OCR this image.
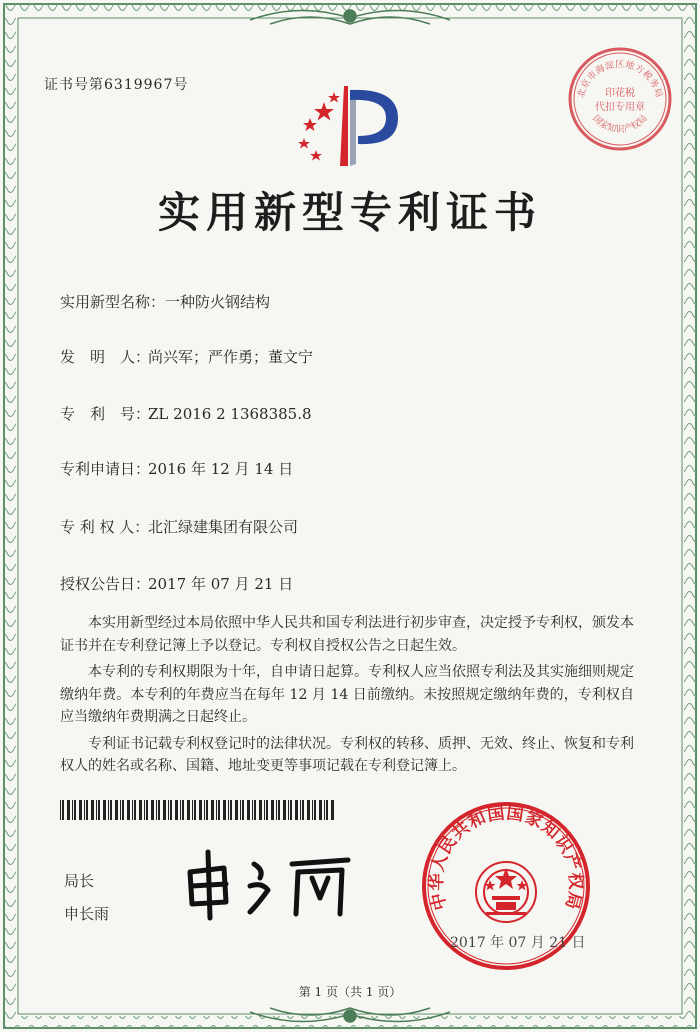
证书号第6319967号
实用新型专利证书
实用新型名称：一种防火钢结构
发　明　人：尚兴军；严作勇；董文宁
专　利　号：ZL 2016 2 1368385.8
专利申请日：2016 年 12 月 14 日
专 利 权 人：北汇绿建集团有限公司
授权公告日：2017 年 07 月 21 日

本实用新型经过本局依照中华人民共和国专利法进行初步审查，决定授予专利权，颁发本证书并在专利登记簿上予以登记。专利权自授权公告之日起生效。

本专利的专利权期限为十年，自申请日起算。专利权人应当依照专利法及其实施细则规定缴纳年费。本专利的年费应当在每年 12 月 14 日前缴纳。未按照规定缴纳年费的，专利权自应当缴纳年费期满之日起终止。

专利证书记载专利权登记时的法律状况。专利权的转移、质押、无效、终止、恢复和专利权人的姓名或名称、国籍、地址变更等事项记载在专利登记簿上。

局长
申长雨
中华人民共和国国家知识产权局
2017 年 07 月 21 日
北京市海淀区地方税务局
国家知识产权局
印花税
代扣专用章
第 1 页（共 1 页）
